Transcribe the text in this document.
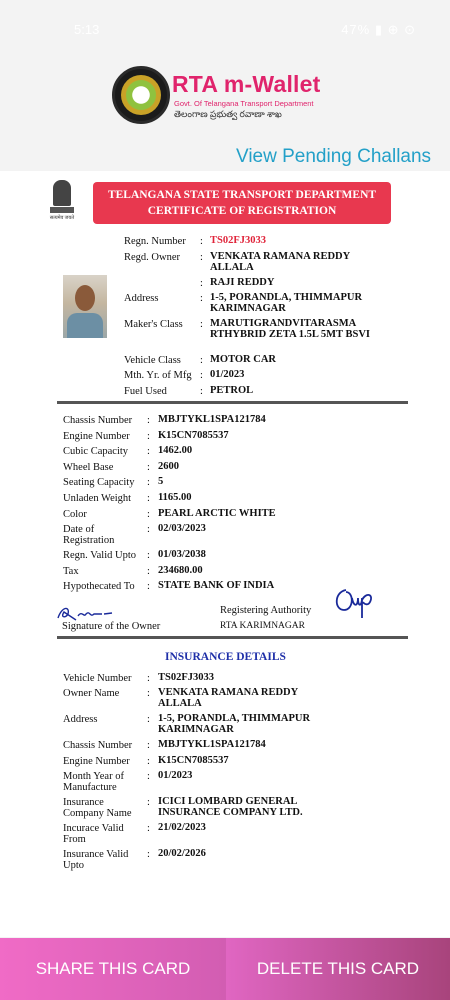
5:13	47% ▮ ⊕ ⊙
RTA m-Wallet
Govt. Of Telangana Transport Department
తెలంగాణ ప్రభుత్వ రవాణా శాఖ
View Pending Challans
सत्यमेव जयते
TELANGANA STATE TRANSPORT DEPARTMENT
CERTIFICATE OF REGISTRATION
Regn. Number : TS02FJ3033
Regd. Owner : VENKATA RAMANA REDDY ALLALA
: RAJI REDDY
Address	: 1-5, PORANDLA, THIMMAPUR KARIMNAGAR
Maker's Class : MARUTIGRANDVITARASMA RTHYBRID ZETA 1.5L 5MT BSVI
Vehicle Class : MOTOR CAR
Mth. Yr. of Mfg : 01/2023
Fuel Used	: PETROL
Chassis Number : MBJTYKL1SPA121784
Engine Number : K15CN7085537
Cubic Capacity : 1462.00
Wheel Base	: 2600
Seating Capacity : 5
Unladen Weight : 1165.00
Color	: PEARL ARCTIC WHITE
Date of Registration
: 02/03/2023
Regn. Valid Upto : 01/03/2038
Tax	: 234680.00
Hypothecated To : STATE BANK OF INDIA
Signature of the Owner
Registering Authority
RTA KARIMNAGAR
INSURANCE DETAILS
Vehicle Number : TS02FJ3033
Owner Name	: VENKATA RAMANA REDDY ALLALA
Address	: 1-5, PORANDLA, THIMMAPUR KARIMNAGAR
Chassis Number : MBJTYKL1SPA121784
Engine Number : K15CN7085537
Month Year of Manufacture
: 01/2023
Insurance Company Name
: ICICI LOMBARD GENERAL INSURANCE COMPANY LTD.
Incurace Valid From
: 21/02/2023
Insurance Valid Upto
: 20/02/2026
SHARE THIS CARD	DELETE THIS CARD
